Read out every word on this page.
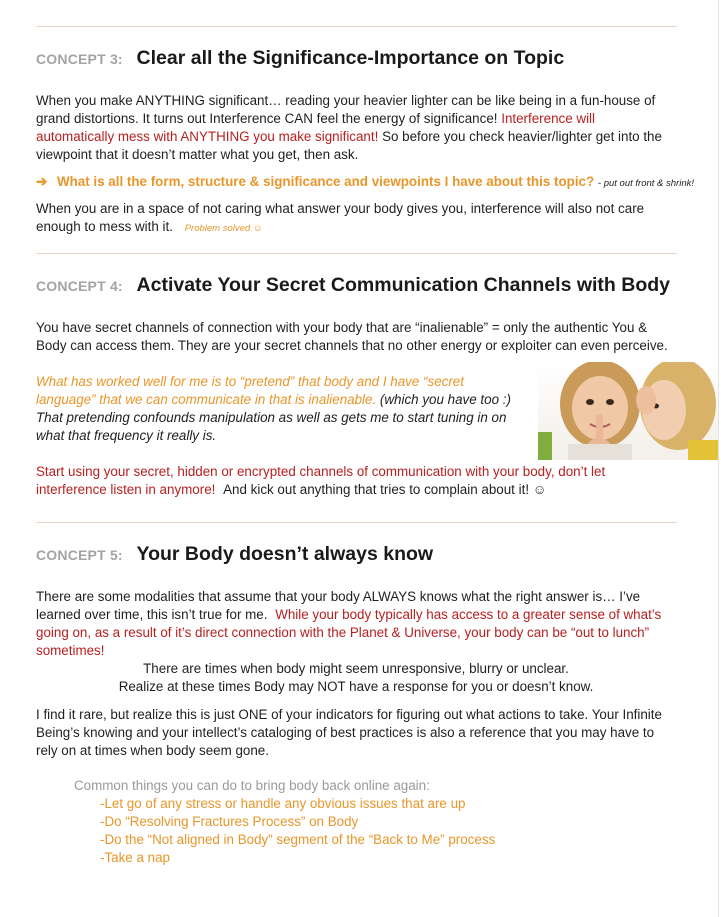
CONCEPT 3: Clear all the Significance-Importance on Topic

When you make ANYTHING significant… reading your heavier lighter can be like being in a fun-house of grand distortions. It turns out Interference CAN feel the energy of significance! Interference will automatically mess with ANYTHING you make significant! So before you check heavier/lighter get into the viewpoint that it doesn’t matter what you get, then ask.

➔ What is all the form, structure & significance and viewpoints I have about this topic? - put out front & shrink!

When you are in a space of not caring what answer your body gives you, interference will also not care enough to mess with it. Problem solved ☺

CONCEPT 4: Activate Your Secret Communication Channels with Body

You have secret channels of connection with your body that are “inalienable” = only the authentic You & Body can access them. They are your secret channels that no other energy or exploiter can even perceive.

What has worked well for me is to “pretend” that body and I have “secret language” that we can communicate in that is inalienable. (which you have too :) That pretending confounds manipulation as well as gets me to start tuning in on what that frequency it really is.

Start using your secret, hidden or encrypted channels of communication with your body, don’t let interference listen in anymore! And kick out anything that tries to complain about it! ☺

CONCEPT 5: Your Body doesn’t always know

There are some modalities that assume that your body ALWAYS knows what the right answer is… I’ve learned over time, this isn’t true for me. While your body typically has access to a greater sense of what’s going on, as a result of it’s direct connection with the Planet & Universe, your body can be “out to lunch” sometimes!

There are times when body might seem unresponsive, blurry or unclear.

Realize at these times Body may NOT have a response for you or doesn’t know.

I find it rare, but realize this is just ONE of your indicators for figuring out what actions to take. Your Infinite Being’s knowing and your intellect’s cataloging of best practices is also a reference that you may have to rely on at times when body seem gone.

Common things you can do to bring body back online again:
-Let go of any stress or handle any obvious issues that are up
-Do “Resolving Fractures Process” on Body
-Do the “Not aligned in Body” segment of the “Back to Me” process
-Take a nap
